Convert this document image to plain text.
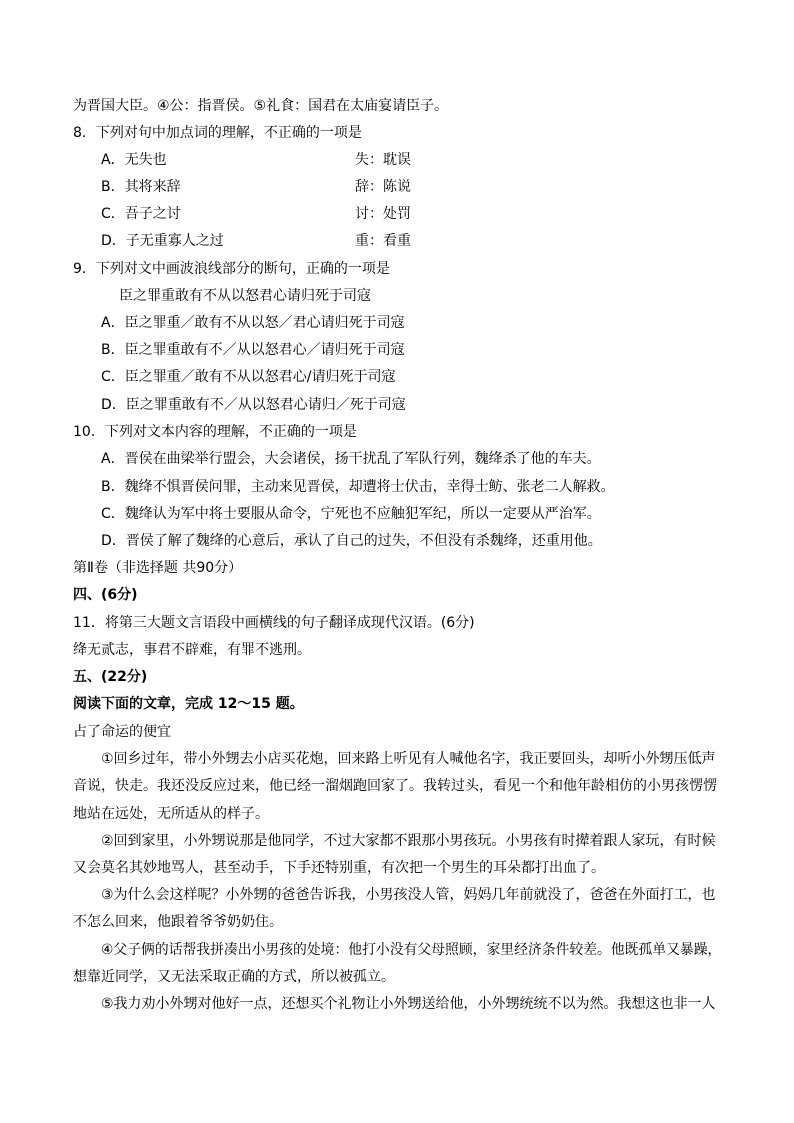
为晋国大臣。④公：指晋侯。⑤礼食：国君在太庙宴请臣子。
8．下列对句中加点词的理解，不正确的一项是
A．无失也	失：耽误
B．其将来辞	辞：陈说
C．吾子之讨	讨：处罚
D．子无重寡人之过	重：看重
9．下列对文中画波浪线部分的断句，正确的一项是
臣之罪重敢有不从以怒君心请归死于司寇
A．臣之罪重／敢有不从以怒／君心请归死于司寇
B．臣之罪重敢有不／从以怒君心／请归死于司寇
C．臣之罪重／敢有不从以怒君心/请归死于司寇
D．臣之罪重敢有不／从以怒君心请归／死于司寇
10．下列对文本内容的理解，不正确的一项是
A．晋侯在曲梁举行盟会，大会诸侯，扬干扰乱了军队行列，魏绛杀了他的车夫。
B．魏绛不惧晋侯问罪，主动来见晋侯，却遭将士伏击，幸得士鲂、张老二人解救。
C．魏绛认为军中将士要服从命令，宁死也不应触犯军纪，所以一定要从严治军。
D．晋侯了解了魏绛的心意后，承认了自己的过失，不但没有杀魏绛，还重用他。
第Ⅱ卷（非选择题 共90分）
四、(6分)
11．将第三大题文言语段中画横线的句子翻译成现代汉语。(6分)
绛无贰志，事君不辟难，有罪不逃刑。
五、(22分)
阅读下面的文章，完成 12～15 题。
占了命运的便宜
①回乡过年，带小外甥去小店买花炮，回来路上听见有人喊他名字，我正要回头，却听小外甥压低声
音说，快走。我还没反应过来，他已经一溜烟跑回家了。我转过头，看见一个和他年龄相仿的小男孩愣愣
地站在远处，无所适从的样子。
②回到家里，小外甥说那是他同学，不过大家都不跟那小男孩玩。小男孩有时撵着跟人家玩，有时候
又会莫名其妙地骂人，甚至动手，下手还特别重，有次把一个男生的耳朵都打出血了。
③为什么会这样呢？小外甥的爸爸告诉我，小男孩没人管，妈妈几年前就没了，爸爸在外面打工，也
不怎么回来，他跟着爷爷奶奶住。
④父子俩的话帮我拼凑出小男孩的处境：他打小没有父母照顾，家里经济条件较差。他既孤单又暴躁，
想靠近同学，又无法采取正确的方式，所以被孤立。
⑤我力劝小外甥对他好一点，还想买个礼物让小外甥送给他，小外甥统统不以为然。我想这也非一人
